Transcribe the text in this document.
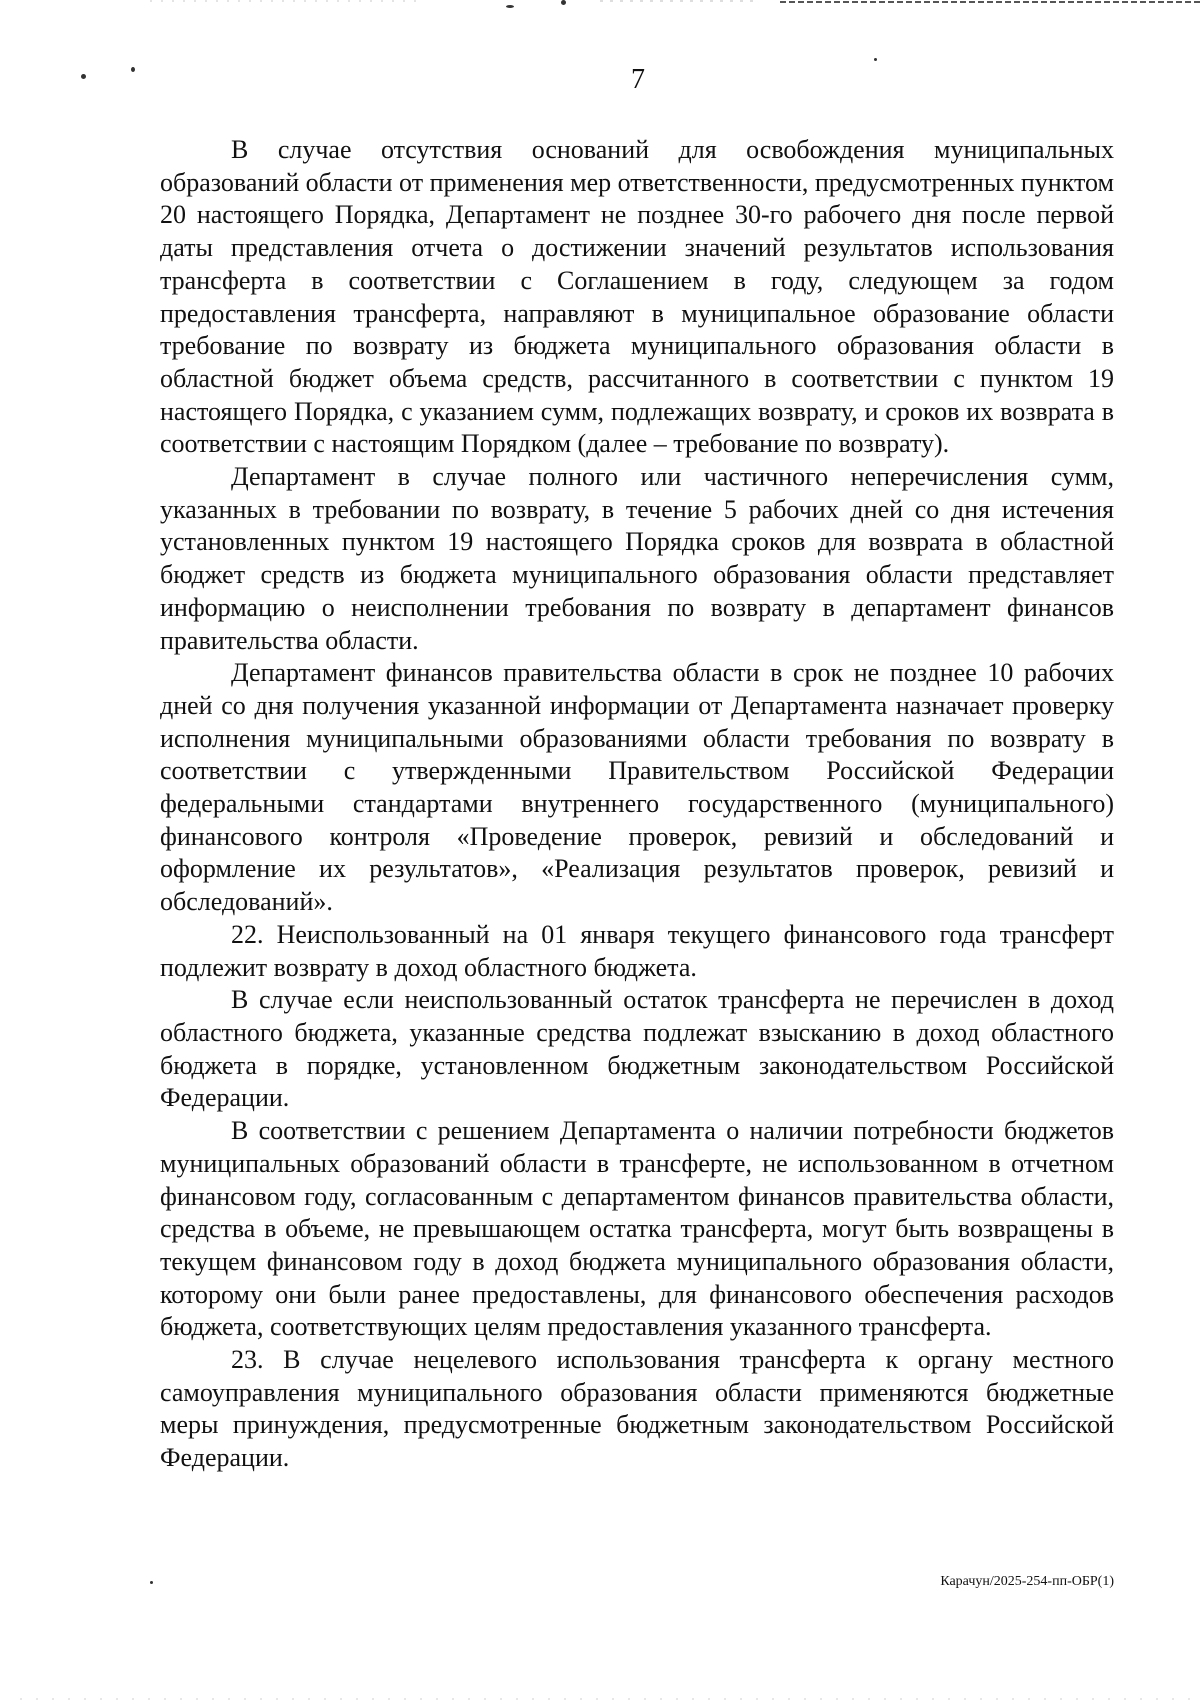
7

В случае отсутствия оснований для освобождения муниципальных образований области от применения мер ответственности, предусмотренных пунктом 20 настоящего Порядка, Департамент не позднее 30-го рабочего дня после первой даты представления отчета о достижении значений результатов использования трансферта в соответствии с Соглашением в году, следующем за годом предоставления трансферта, направляют в муниципальное образование области требование по возврату из бюджета муниципального образования области в областной бюджет объема средств, рассчитанного в соответствии с пунктом 19 настоящего Порядка, с указанием сумм, подлежащих возврату, и сроков их возврата в соответствии с настоящим Порядком (далее – требование по возврату).

Департамент в случае полного или частичного неперечисления сумм, указанных в требовании по возврату, в течение 5 рабочих дней со дня истечения установленных пунктом 19 настоящего Порядка сроков для возврата в областной бюджет средств из бюджета муниципального образования области представляет информацию о неисполнении требования по возврату в департамент финансов правительства области.

Департамент финансов правительства области в срок не позднее 10 рабочих дней со дня получения указанной информации от Департамента назначает проверку исполнения муниципальными образованиями области требования по возврату в соответствии с утвержденными Правительством Российской Федерации федеральными стандартами внутреннего государственного (муниципального) финансового контроля «Проведение проверок, ревизий и обследований и оформление их результатов», «Реализация результатов проверок, ревизий и обследований».

22. Неиспользованный на 01 января текущего финансового года трансферт подлежит возврату в доход областного бюджета.

В случае если неиспользованный остаток трансферта не перечислен в доход областного бюджета, указанные средства подлежат взысканию в доход областного бюджета в порядке, установленном бюджетным законодательством Российской Федерации.

В соответствии с решением Департамента о наличии потребности бюджетов муниципальных образований области в трансферте, не использованном в отчетном финансовом году, согласованным с департаментом финансов правительства области, средства в объеме, не превышающем остатка трансферта, могут быть возвращены в текущем финансовом году в доход бюджета муниципального образования области, которому они были ранее предоставлены, для финансового обеспечения расходов бюджета, соответствующих целям предоставления указанного трансферта.

23. В случае нецелевого использования трансферта к органу местного самоуправления муниципального образования области применяются бюджетные меры принуждения, предусмотренные бюджетным законодательством Российской Федерации.

Карачун/2025-254-пп-ОБР(1)
